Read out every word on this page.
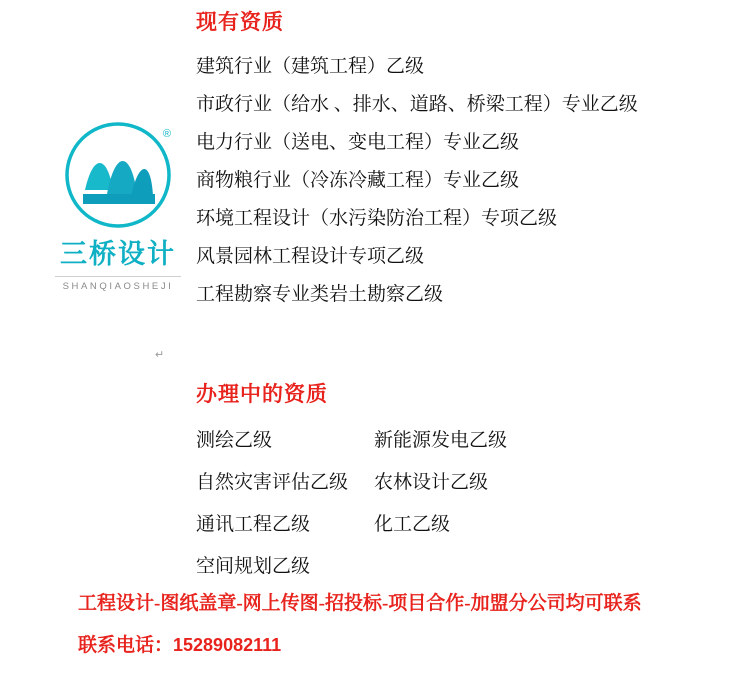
®
三桥设计
SHANQIAOSHEJI
现有资质
建筑行业（建筑工程）乙级
市政行业（给水 、排水、道路、桥梁工程）专业乙级
电力行业（送电、变电工程）专业乙级
商物粮行业（冷冻冷藏工程）专业乙级
环境工程设计（水污染防治工程）专项乙级
风景园林工程设计专项乙级
工程勘察专业类岩土勘察乙级
↵
办理中的资质
测绘乙级	新能源发电乙级
自然灾害评估乙级	农林设计乙级
通讯工程乙级	化工乙级
空间规划乙级
工程设计-图纸盖章-网上传图-招投标-项目合作-加盟分公司均可联系
联系电话：15289082111
